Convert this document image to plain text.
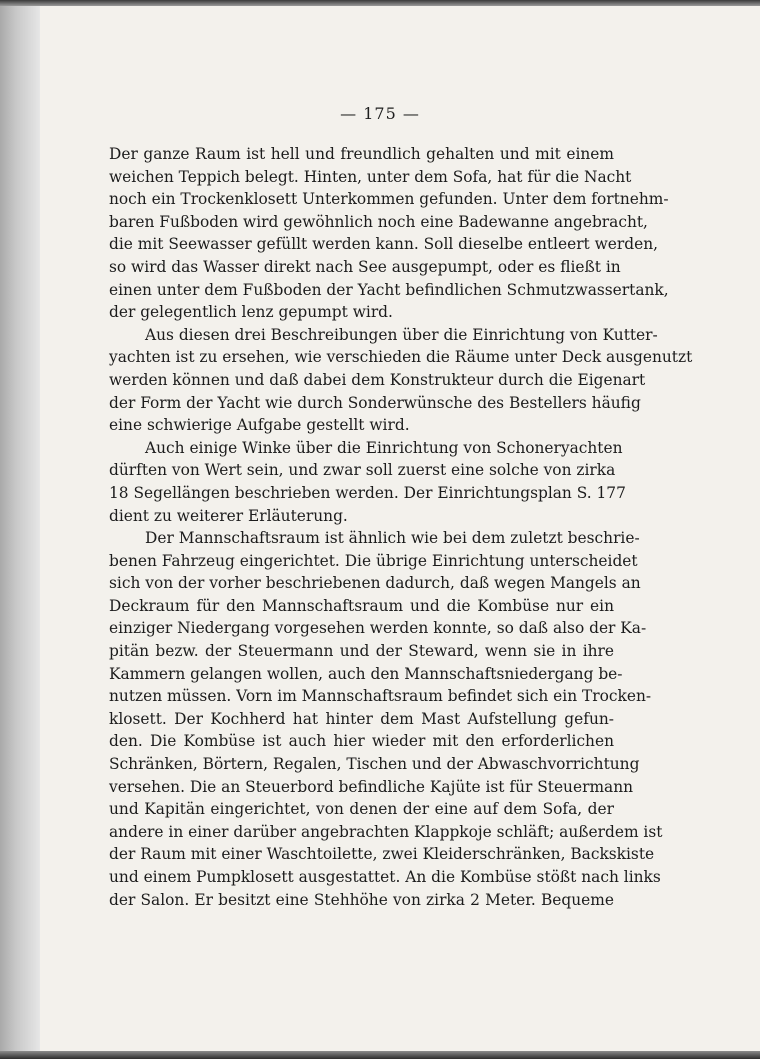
— 175 —
Der ganze Raum ist hell und freundlich gehalten und mit einem
weichen Teppich belegt. Hinten, unter dem Sofa, hat für die Nacht
noch ein Trockenklosett Unterkommen gefunden. Unter dem fortnehm-
baren Fußboden wird gewöhnlich noch eine Badewanne angebracht,
die mit Seewasser gefüllt werden kann. Soll dieselbe entleert werden,
so wird das Wasser direkt nach See ausgepumpt, oder es fließt in
einen unter dem Fußboden der Yacht befindlichen Schmutzwassertank,
der gelegentlich lenz gepumpt wird.
Aus diesen drei Beschreibungen über die Einrichtung von Kutter-
yachten ist zu ersehen, wie verschieden die Räume unter Deck ausgenutzt
werden können und daß dabei dem Konstrukteur durch die Eigenart
der Form der Yacht wie durch Sonderwünsche des Bestellers häufig
eine schwierige Aufgabe gestellt wird.
Auch einige Winke über die Einrichtung von Schoneryachten
dürften von Wert sein, und zwar soll zuerst eine solche von zirka
18 Segellängen beschrieben werden. Der Einrichtungsplan S. 177
dient zu weiterer Erläuterung.
Der Mannschaftsraum ist ähnlich wie bei dem zuletzt beschrie-
benen Fahrzeug eingerichtet. Die übrige Einrichtung unterscheidet
sich von der vorher beschriebenen dadurch, daß wegen Mangels an
Deckraum für den Mannschaftsraum und die Kombüse nur ein
einziger Niedergang vorgesehen werden konnte, so daß also der Ka-
pitän bezw. der Steuermann und der Steward, wenn sie in ihre
Kammern gelangen wollen, auch den Mannschaftsniedergang be-
nutzen müssen. Vorn im Mannschaftsraum befindet sich ein Trocken-
klosett. Der Kochherd hat hinter dem Mast Aufstellung gefun-
den. Die Kombüse ist auch hier wieder mit den erforderlichen
Schränken, Börtern, Regalen, Tischen und der Abwaschvorrichtung
versehen. Die an Steuerbord befindliche Kajüte ist für Steuermann
und Kapitän eingerichtet, von denen der eine auf dem Sofa, der
andere in einer darüber angebrachten Klappkoje schläft; außerdem ist
der Raum mit einer Waschtoilette, zwei Kleiderschränken, Backskiste
und einem Pumpklosett ausgestattet. An die Kombüse stößt nach links
der Salon. Er besitzt eine Stehhöhe von zirka 2 Meter. Bequeme
